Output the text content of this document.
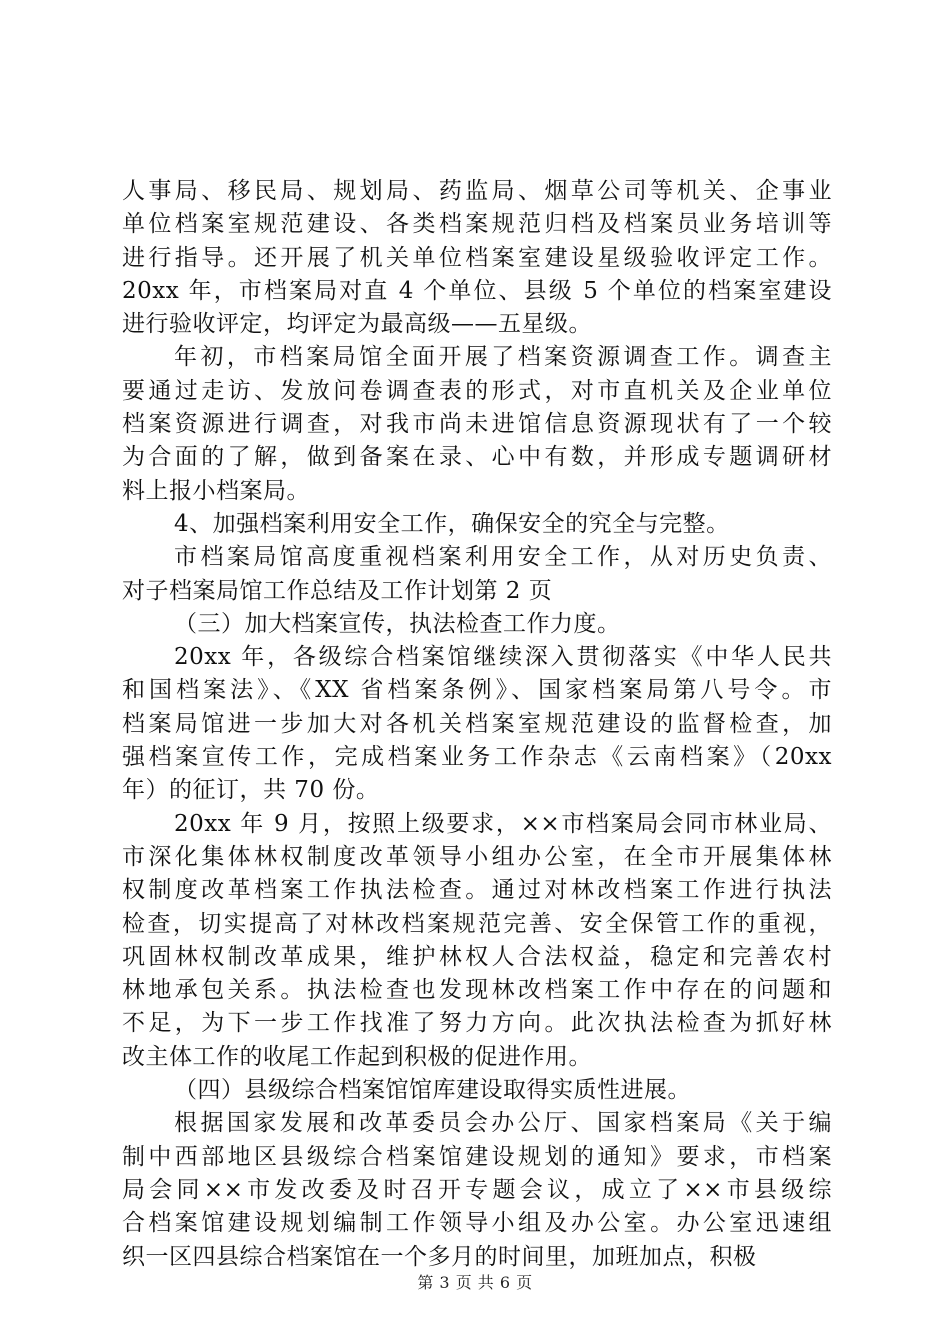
人事局、移民局、规划局、药监局、烟草公司等机关、企事业
单位档案室规范建设、各类档案规范归档及档案员业务培训等
进行指导。还开展了机关单位档案室建设星级验收评定工作。
20xx 年，市档案局对直 4 个单位、县级 5 个单位的档案室建设
进行验收评定，均评定为最高级——五星级。

年初，市档案局馆全面开展了档案资源调查工作。调查主
要通过走访、发放问卷调查表的形式，对市直机关及企业单位
档案资源进行调查，对我市尚未进馆信息资源现状有了一个较
为合面的了解，做到备案在录、心中有数，并形成专题调研材
料上报小档案局。

4、加强档案利用安全工作，确保安全的究全与完整。

市档案局馆高度重视档案利用安全工作，从对历史负责、
对子档案局馆工作总结及工作计划第 2 页

（三）加大档案宣传，执法检查工作力度。

20xx 年，各级综合档案馆继续深入贯彻落实《中华人民共
和国档案法》、《XX 省档案条例》、国家档案局第八号令。市
档案局馆进一步加大对各机关档案室规范建设的监督检查，加
强档案宣传工作，完成档案业务工作杂志《云南档案》（20xx
年）的征订，共 70 份。

20xx 年 9 月，按照上级要求，××市档案局会同市林业局、
市深化集体林权制度改革领导小组办公室，在全市开展集体林
权制度改革档案工作执法检查。通过对林改档案工作进行执法
检查，切实提高了对林改档案规范完善、安全保管工作的重视，
巩固林权制改革成果，维护林权人合法权益，稳定和完善农村
林地承包关系。执法检查也发现林改档案工作中存在的问题和
不足，为下一步工作找准了努力方向。此次执法检查为抓好林
改主体工作的收尾工作起到积极的促进作用。

（四）县级综合档案馆馆库建设取得实质性进展。

根据国家发展和改革委员会办公厅、国家档案局《关于编
制中西部地区县级综合档案馆建设规划的通知》要求，市档案
局会同××市发改委及时召开专题会议，成立了××市县级综
合档案馆建设规划编制工作领导小组及办公室。办公室迅速组
织一区四县综合档案馆在一个多月的时间里，加班加点，积极

第 3 页 共 6 页
